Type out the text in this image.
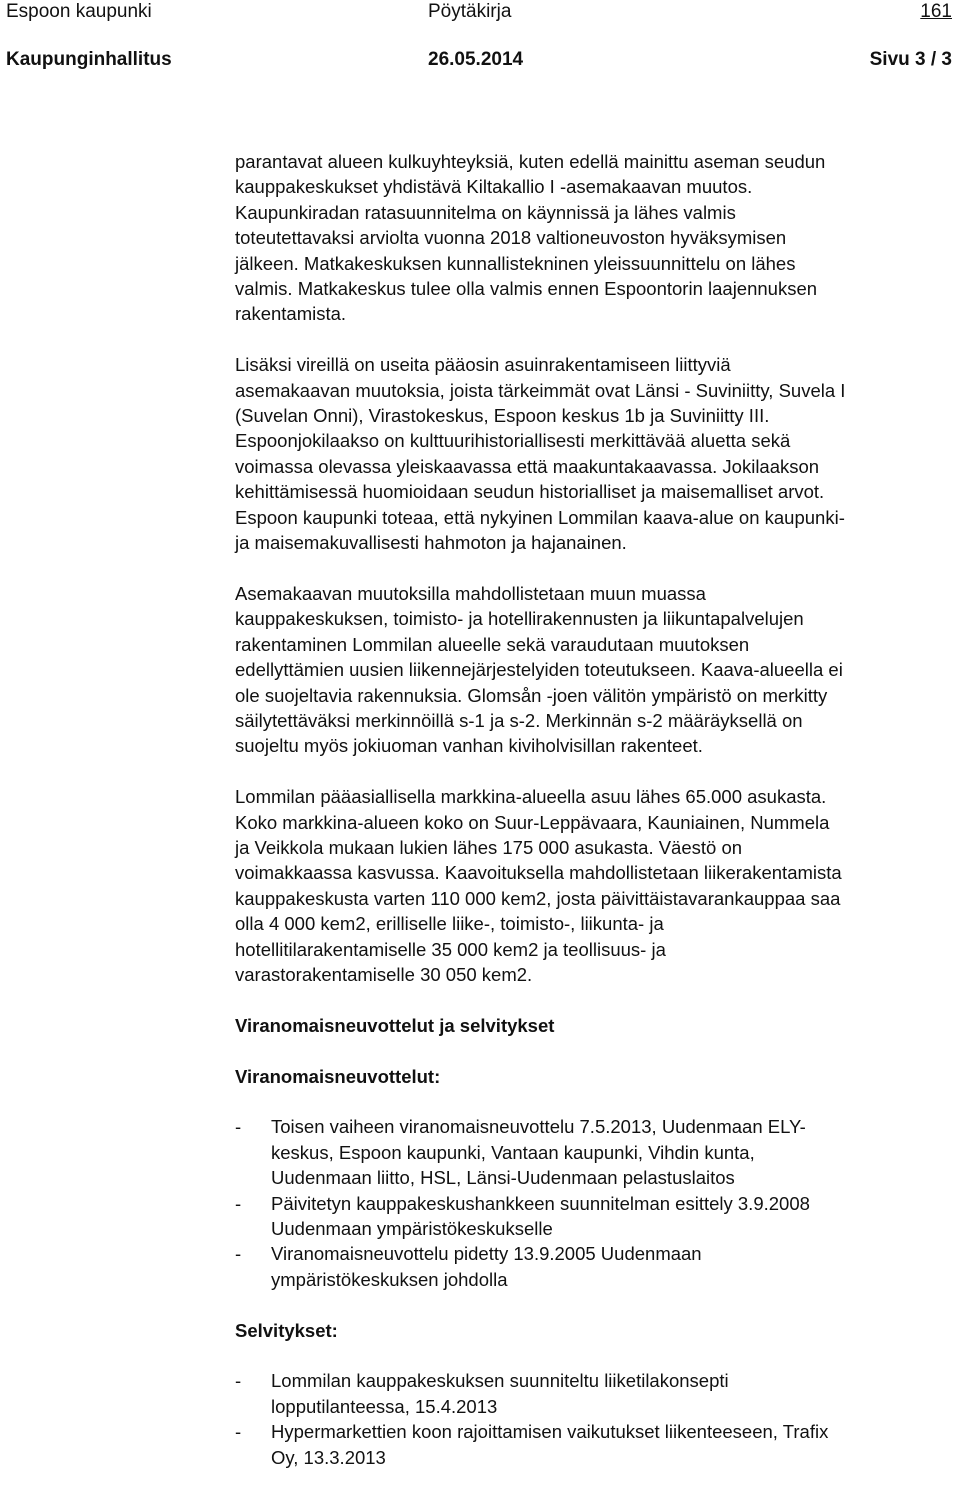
Espoon kaupunki	Pöytäkirja	161
Kaupunginhallitus	26.05.2014	Sivu 3 / 3

parantavat alueen kulkuyhteyksiä, kuten edellä mainittu aseman seudun
kauppakeskukset yhdistävä Kiltakallio I -asemakaavan muutos.
Kaupunkiradan ratasuunnitelma on käynnissä ja lähes valmis
toteutettavaksi arviolta vuonna 2018 valtioneuvoston hyväksymisen
jälkeen. Matkakeskuksen kunnallistekninen yleissuunnittelu on lähes
valmis. Matkakeskus tulee olla valmis ennen Espoontorin laajennuksen
rakentamista.

Lisäksi vireillä on useita pääosin asuinrakentamiseen liittyviä
asemakaavan muutoksia, joista tärkeimmät ovat Länsi - Suviniitty, Suvela I
(Suvelan Onni), Virastokeskus, Espoon keskus 1b ja Suviniitty III.
Espoonjokilaakso on kulttuurihistoriallisesti merkittävää aluetta sekä
voimassa olevassa yleiskaavassa että maakuntakaavassa. Jokilaakson
kehittämisessä huomioidaan seudun historialliset ja maisemalliset arvot.
Espoon kaupunki toteaa, että nykyinen Lommilan kaava-alue on kaupunki-
ja maisemakuvallisesti hahmoton ja hajanainen.

Asemakaavan muutoksilla mahdollistetaan muun muassa
kauppakeskuksen, toimisto- ja hotellirakennusten ja liikuntapalvelujen
rakentaminen Lommilan alueelle sekä varaudutaan muutoksen
edellyttämien uusien liikennejärjestelyiden toteutukseen. Kaava-alueella ei
ole suojeltavia rakennuksia. Glomsån -joen välitön ympäristö on merkitty
säilytettäväksi merkinnöillä s-1 ja s-2. Merkinnän s-2 määräyksellä on
suojeltu myös jokiuoman vanhan kiviholvisillan rakenteet.

Lommilan pääasiallisella markkina-alueella asuu lähes 65.000 asukasta.
Koko markkina-alueen koko on Suur-Leppävaara, Kauniainen, Nummela
ja Veikkola mukaan lukien lähes 175 000 asukasta. Väestö on
voimakkaassa kasvussa. Kaavoituksella mahdollistetaan liikerakentamista
kauppakeskusta varten 110 000 kem2, josta päivittäistavarankauppaa saa
olla 4 000 kem2, erilliselle liike-, toimisto-, liikunta- ja
hotellitilarakentamiselle 35 000 kem2 ja teollisuus- ja
varastorakentamiselle 30 050 kem2.

Viranomaisneuvottelut ja selvitykset

Viranomaisneuvottelut:

- Toisen vaiheen viranomaisneuvottelu 7.5.2013, Uudenmaan ELY-
keskus, Espoon kaupunki, Vantaan kaupunki, Vihdin kunta,
Uudenmaan liitto, HSL, Länsi-Uudenmaan pelastuslaitos
- Päivitetyn kauppakeskushankkeen suunnitelman esittely 3.9.2008
Uudenmaan ympäristökeskukselle
- Viranomaisneuvottelu pidetty 13.9.2005 Uudenmaan
ympäristökeskuksen johdolla

Selvitykset:

- Lommilan kauppakeskuksen suunniteltu liiketilakonsepti
lopputilanteessa, 15.4.2013
- Hypermarkettien koon rajoittamisen vaikutukset liikenteeseen, Trafix
Oy, 13.3.2013
